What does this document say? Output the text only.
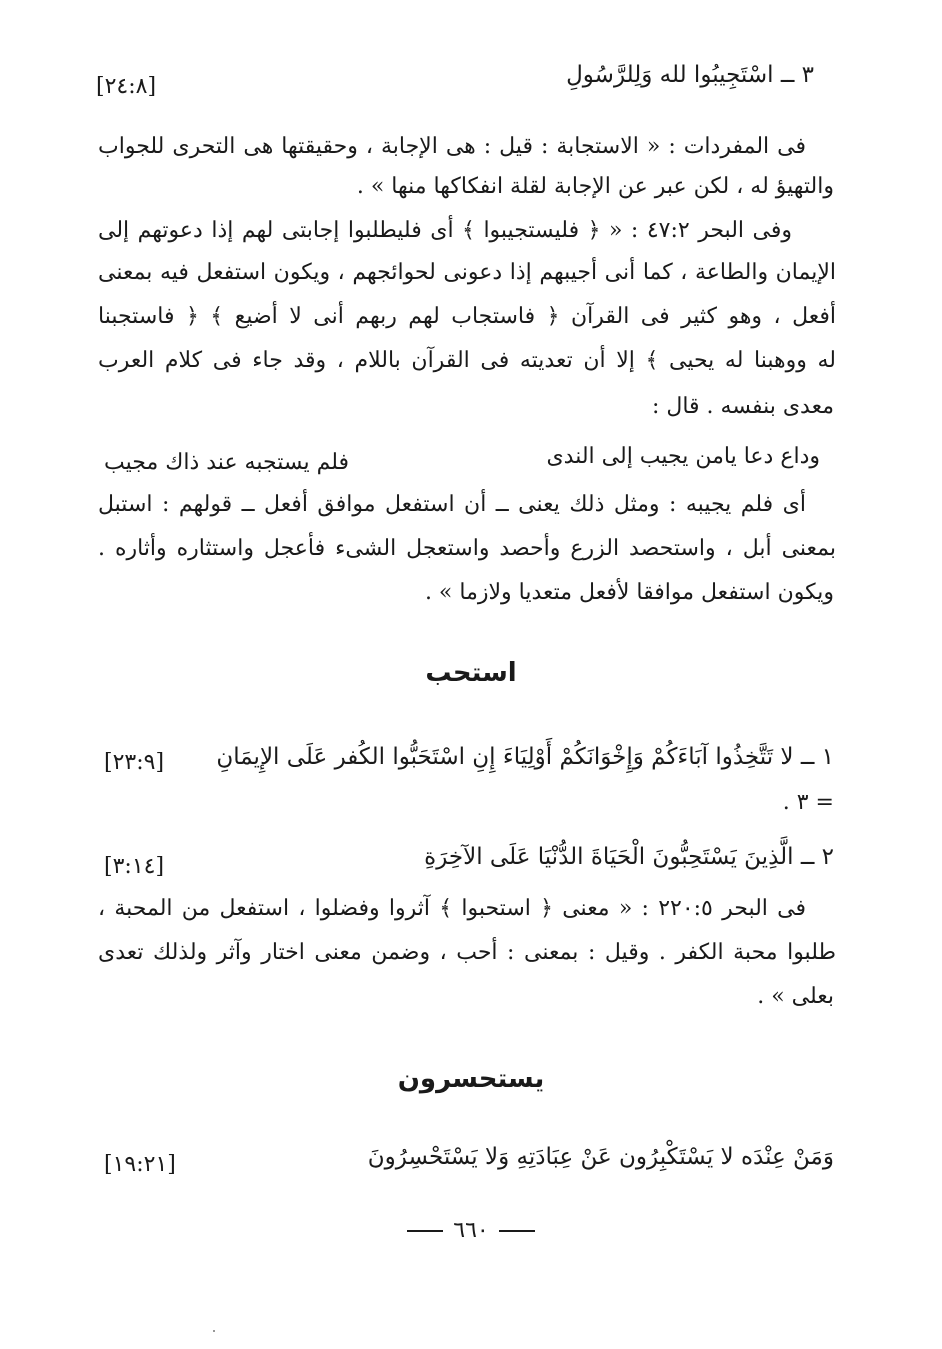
٣ ــ اسْتَجِيبُوا لله وَلِلرَّسُولِ
[٢٤:٨]
فى المفردات : « الاستجابة : قيل : هى الإجابة ، وحقيقتها هى التحرى للجواب
والتهيؤ له ، لكن عبر عن الإجابة لقلة انفكاكها منها » .
وفى البحر ٤٧:٢ : « ﴿ فليستجيبوا ﴾ أى فليطلبوا إجابتى لهم إذا دعوتهم إلى
الإيمان والطاعة ، كما أنى أجيبهم إذا دعونى لحوائجهم ، ويكون استفعل فيه بمعنى
أفعل ، وهو كثير فى القرآن ﴿ فاستجاب لهم ربهم أنى لا أضيع ﴾ ﴿ فاستجبنا
له ووهبنا له يحيى ﴾ إلا أن تعديته فى القرآن باللام ، وقد جاء فى كلام العرب
معدى بنفسه . قال :
وداع دعا يامن يجيب إلى الندى
فلم يستجبه عند ذاك مجيب
أى فلم يجيبه : ومثل ذلك يعنى ــ أن استفعل موافق أفعل ــ قولهم : استبل
بمعنى أبل ، واستحصد الزرع وأحصد واستعجل الشىء فأعجل واستثاره وأثاره .
ويكون استفعل موافقا لأفعل متعديا ولازما » .
استحب
١ ــ لا تَتَّخِذُوا آبَاءَكُمْ وَإِخْوَانَكُمْ أَوْلِيَاءَ إِنِ اسْتَحَبُّوا الكُفر عَلَى الإِيمَانِ
[٢٣:٩]
= ٣ .
٢ ــ الَّذِينَ يَسْتَحِبُّونَ الْحَيَاةَ الدُّنْيَا عَلَى الآخِرَةِ
[٣:١٤]
فى البحر ٢٢٠:٥ : « معنى ﴿ استحبوا ﴾ آثروا وفضلوا ، استفعل من المحبة ،
طلبوا محبة الكفر . وقيل : بمعنى : أحب ، وضمن معنى اختار وآثر ولذلك تعدى
بعلى » .
يستحسرون
وَمَنْ عِنْدَه لا يَسْتَكْبِرُون عَنْ عِبَادَتِهِ وَلا يَسْتَحْسِرُونَ
[١٩:٢١]
٦٦٠
